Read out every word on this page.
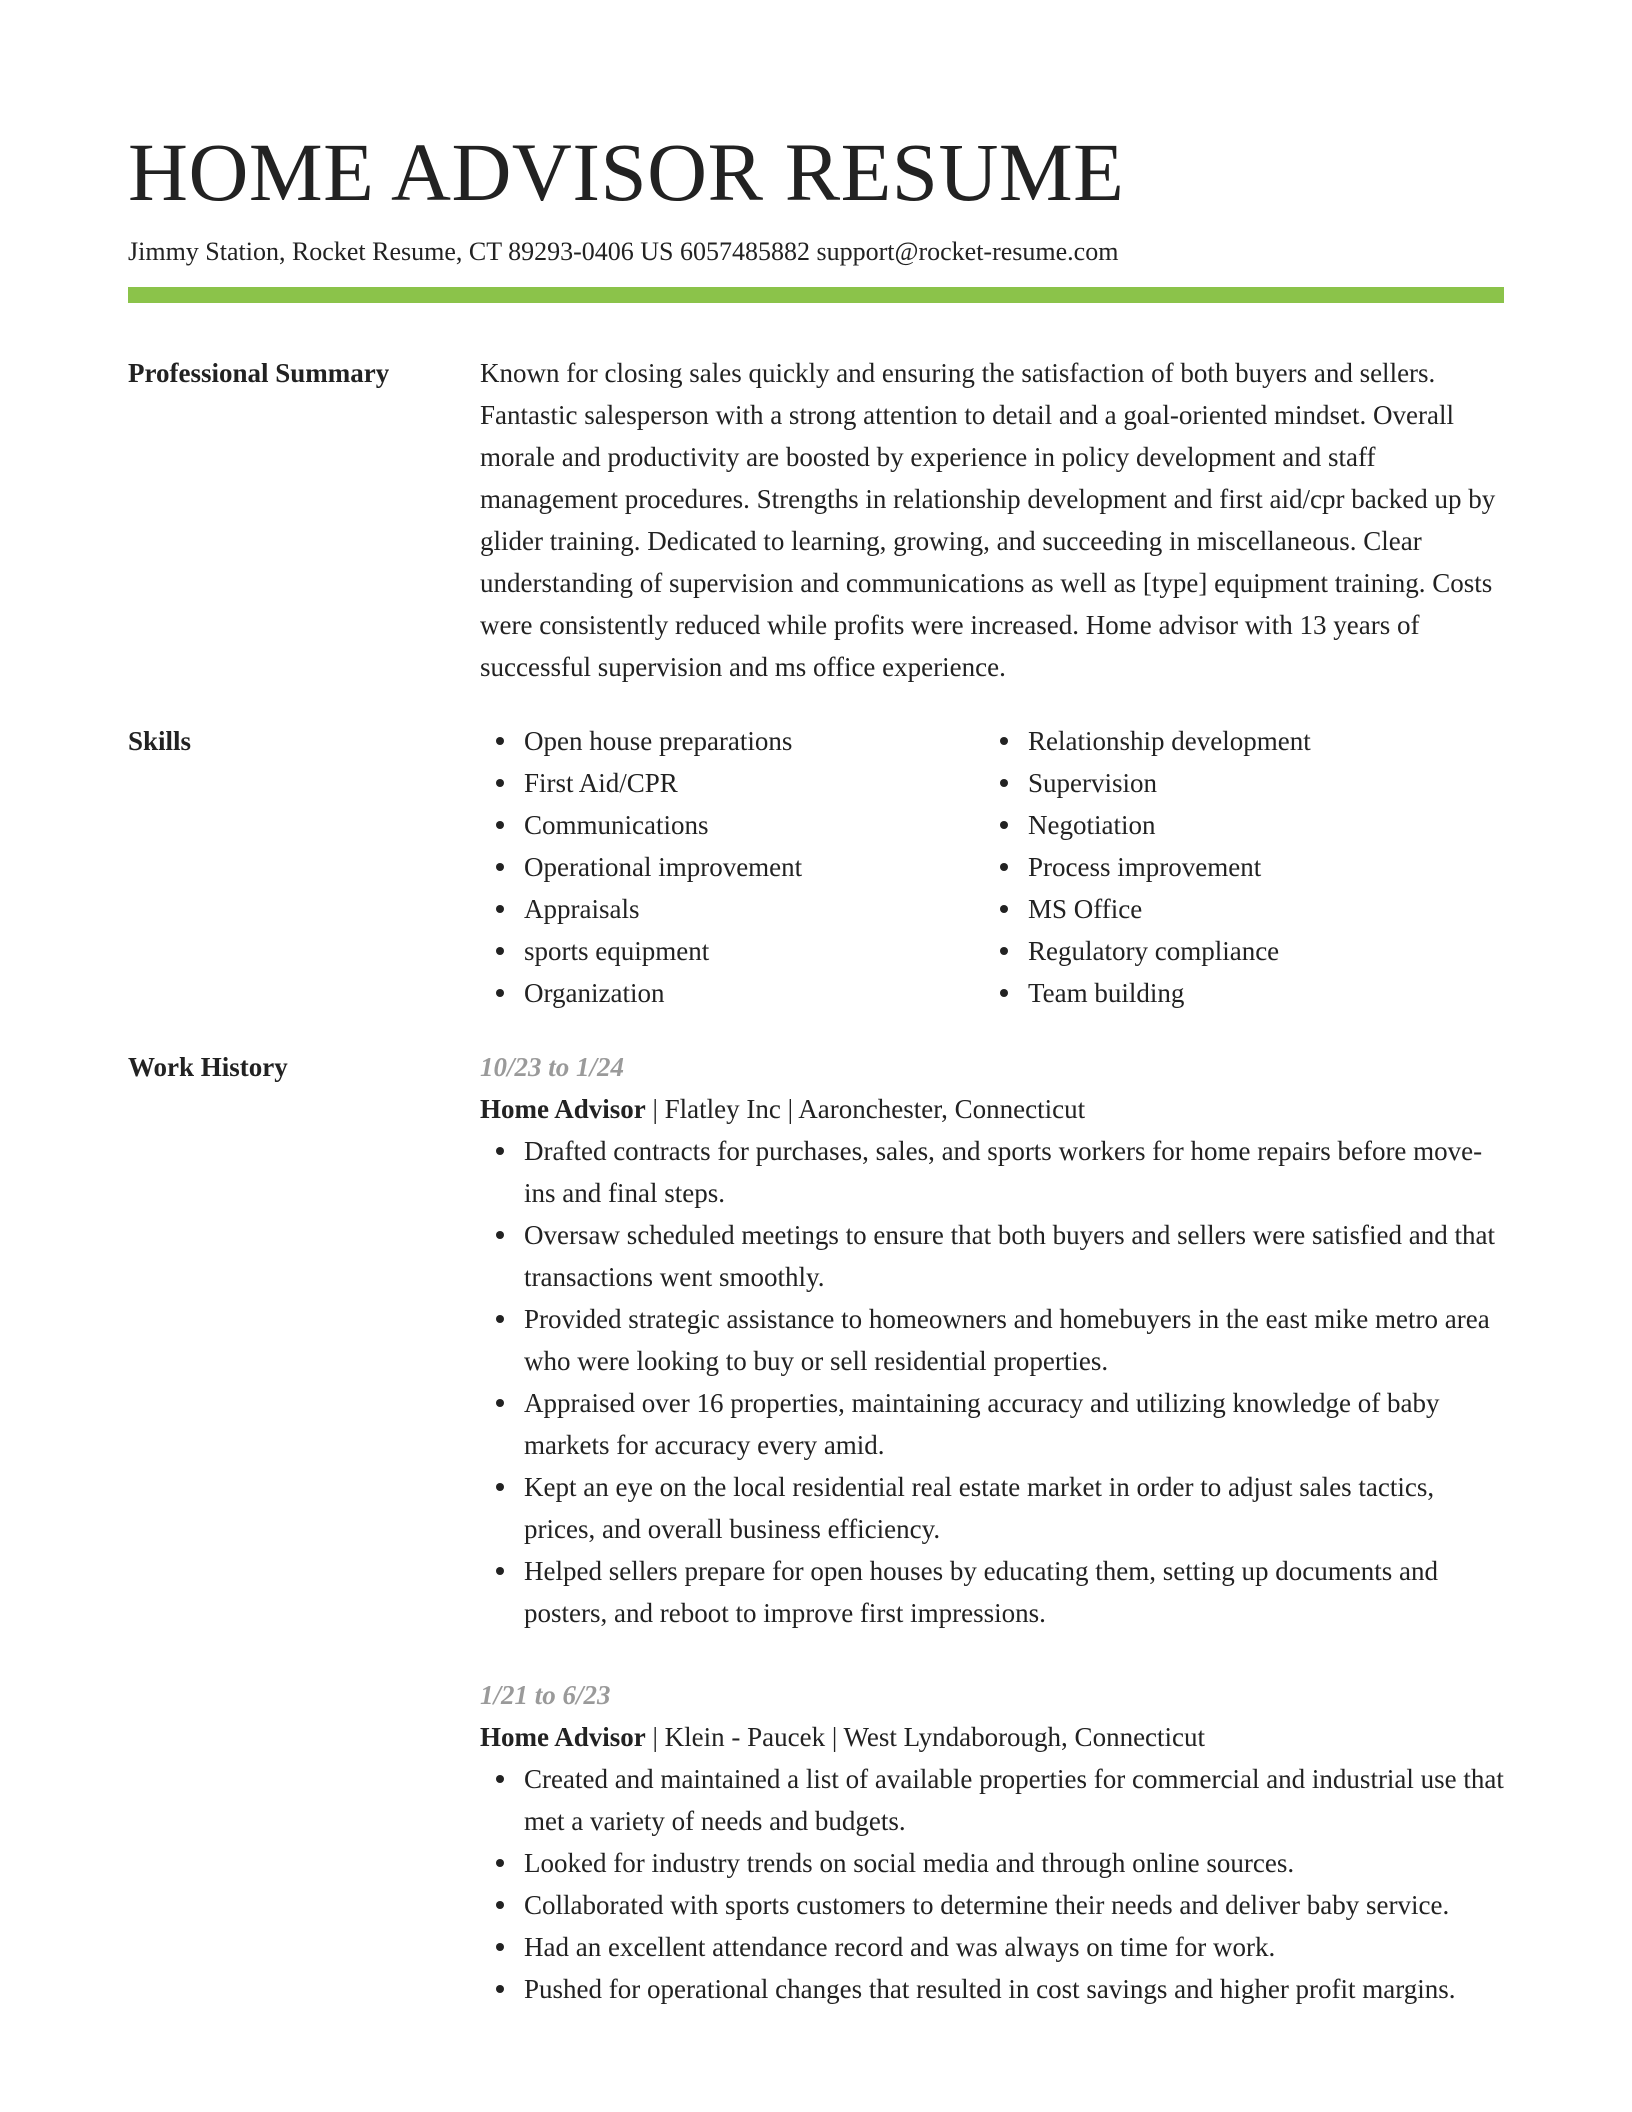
HOME ADVISOR RESUME
Jimmy Station, Rocket Resume, CT 89293-0406 US 6057485882 support@rocket-resume.com
Professional Summary	Known for closing sales quickly and ensuring the satisfaction of both buyers and sellers. Fantastic salesperson with a strong attention to detail and a goal-oriented mindset. Overall morale and productivity are boosted by experience in policy development and staff management procedures. Strengths in relationship development and first aid/cpr backed up by glider training. Dedicated to learning, growing, and succeeding in miscellaneous. Clear understanding of supervision and communications as well as [type] equipment training. Costs were consistently reduced while profits were increased. Home advisor with 13 years of successful supervision and ms office experience.
Skills	Open house preparations
First Aid/CPR
Communications
Operational improvement
Appraisals
sports equipment
Organization
Relationship development
Supervision
Negotiation
Process improvement
MS Office
Regulatory compliance
Team building
Work History	10/23 to 1/24
Home Advisor | Flatley Inc | Aaronchester, Connecticut
Drafted contracts for purchases, sales, and sports workers for home repairs before move-ins and final steps.
Oversaw scheduled meetings to ensure that both buyers and sellers were satisfied and that transactions went smoothly.
Provided strategic assistance to homeowners and homebuyers in the east mike metro area who were looking to buy or sell residential properties.
Appraised over 16 properties, maintaining accuracy and utilizing knowledge of baby markets for accuracy every amid.
Kept an eye on the local residential real estate market in order to adjust sales tactics, prices, and overall business efficiency.
Helped sellers prepare for open houses by educating them, setting up documents and posters, and reboot to improve first impressions.
1/21 to 6/23
Home Advisor | Klein - Paucek | West Lyndaborough, Connecticut
Created and maintained a list of available properties for commercial and industrial use that met a variety of needs and budgets.
Looked for industry trends on social media and through online sources.
Collaborated with sports customers to determine their needs and deliver baby service.
Had an excellent attendance record and was always on time for work.
Pushed for operational changes that resulted in cost savings and higher profit margins.
